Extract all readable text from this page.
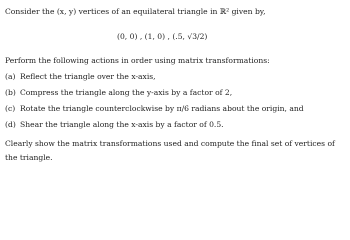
Consider the (x, y) vertices of an equilateral triangle in ℝ² given by,
(0, 0) , (1, 0) , (.5, √3/2)
Perform the following actions in order using matrix transformations:
(a) Reflect the triangle over the x-axis,
(b) Compress the triangle along the y-axis by a factor of 2,
(c) Rotate the triangle counterclockwise by π/6 radians about the origin, and
(d) Shear the triangle along the x-axis by a factor of 0.5.
Clearly show the matrix transformations used and compute the final set of vertices of
the triangle.
